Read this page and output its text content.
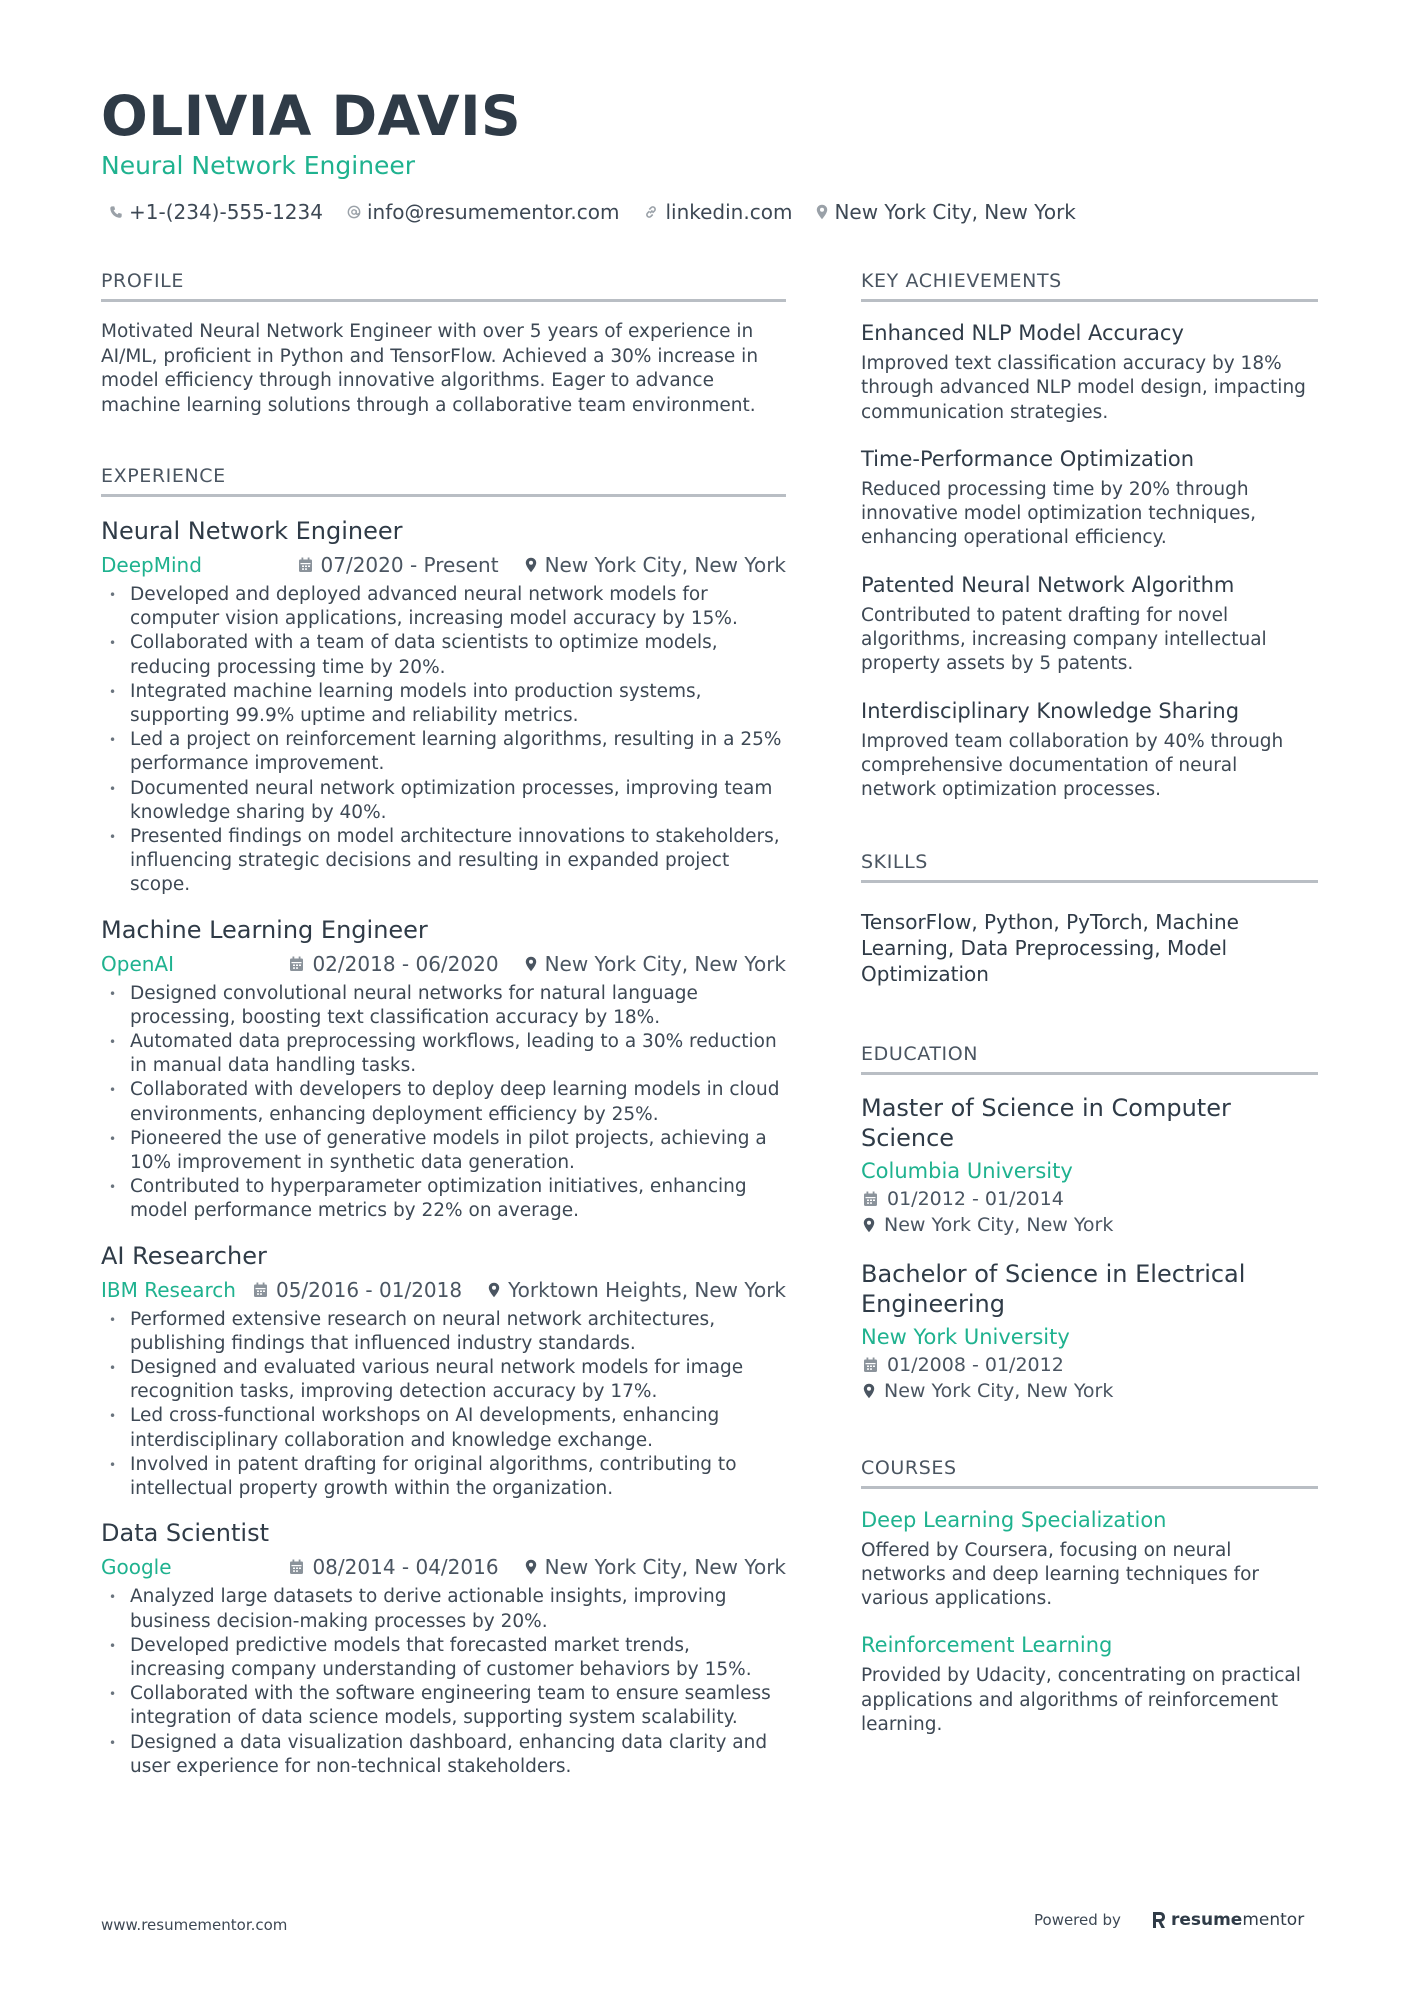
OLIVIA DAVIS
Neural Network Engineer
+1-(234)-555-1234 info@resumementor.com linkedin.com New York City, New York
PROFILE

Motivated Neural Network Engineer with over 5 years of experience in AI/ML, proficient in Python and TensorFlow. Achieved a 30% increase in model efficiency through innovative algorithms. Eager to advance machine learning solutions through a collaborative team environment.

EXPERIENCE
Neural Network Engineer
DeepMind	07/2020 - Present New York City, New York
• Developed and deployed advanced neural network models for computer vision applications, increasing model accuracy by 15%.
• Collaborated with a team of data scientists to optimize models, reducing processing time by 20%.
• Integrated machine learning models into production systems, supporting 99.9% uptime and reliability metrics.
• Led a project on reinforcement learning algorithms, resulting in a 25% performance improvement.
• Documented neural network optimization processes, improving team knowledge sharing by 40%.
• Presented findings on model architecture innovations to stakeholders, influencing strategic decisions and resulting in expanded project scope.
Machine Learning Engineer
OpenAI	02/2018 - 06/2020 New York City, New York
• Designed convolutional neural networks for natural language processing, boosting text classification accuracy by 18%.
• Automated data preprocessing workflows, leading to a 30% reduction in manual data handling tasks.
• Collaborated with developers to deploy deep learning models in cloud environments, enhancing deployment efficiency by 25%.
• Pioneered the use of generative models in pilot projects, achieving a 10% improvement in synthetic data generation.
• Contributed to hyperparameter optimization initiatives, enhancing model performance metrics by 22% on average.
AI Researcher
IBM Research 05/2016 - 01/2018 Yorktown Heights, New York
• Performed extensive research on neural network architectures, publishing findings that influenced industry standards.
• Designed and evaluated various neural network models for image recognition tasks, improving detection accuracy by 17%.
• Led cross-functional workshops on AI developments, enhancing interdisciplinary collaboration and knowledge exchange.
• Involved in patent drafting for original algorithms, contributing to intellectual property growth within the organization.
Data Scientist
Google	08/2014 - 04/2016 New York City, New York
• Analyzed large datasets to derive actionable insights, improving business decision-making processes by 20%.
• Developed predictive models that forecasted market trends, increasing company understanding of customer behaviors by 15%.
• Collaborated with the software engineering team to ensure seamless integration of data science models, supporting system scalability.
• Designed a data visualization dashboard, enhancing data clarity and user experience for non-technical stakeholders.
KEY ACHIEVEMENTS
Enhanced NLP Model Accuracy
Improved text classification accuracy by 18% through advanced NLP model design, impacting communication strategies.
Time-Performance Optimization
Reduced processing time by 20% through innovative model optimization techniques, enhancing operational efficiency.
Patented Neural Network Algorithm
Contributed to patent drafting for novel algorithms, increasing company intellectual property assets by 5 patents.
Interdisciplinary Knowledge Sharing
Improved team collaboration by 40% through comprehensive documentation of neural network optimization processes.
SKILLS
TensorFlow, Python, PyTorch, Machine Learning, Data Preprocessing, Model Optimization
EDUCATION
Master of Science in Computer Science
Columbia University
01/2012 - 01/2014
New York City, New York
Bachelor of Science in Electrical Engineering
New York University
01/2008 - 01/2012
New York City, New York
COURSES
Deep Learning Specialization
Offered by Coursera, focusing on neural networks and deep learning techniques for various applications.
Reinforcement Learning
Provided by Udacity, concentrating on practical applications and algorithms of reinforcement learning.
www.resumementor.com	Powered by	resume mentor
